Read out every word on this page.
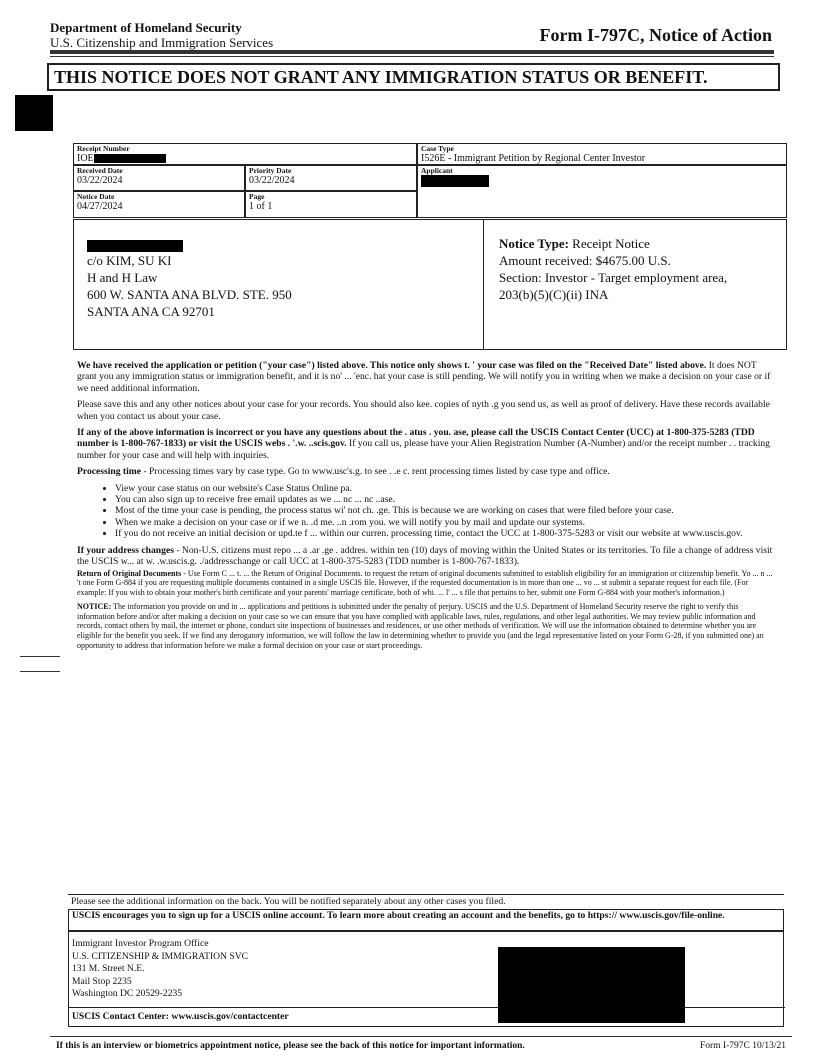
Department of Homeland Security
U.S. Citizenship and Immigration Services	Form I-797C, Notice of Action
THIS NOTICE DOES NOT GRANT ANY IMMIGRATION STATUS OR BENEFIT.
Receipt Number
IOE
Case Type
I526E - Immigrant Petition by Regional Center Investor
Received Date
03/22/2024
Priority Date
03/22/2024
Applicant
Notice Date
04/27/2024
Page
1 of 1
c/o KIM, SU KI
H and H Law
600 W. SANTA ANA BLVD. STE. 950
SANTA ANA CA 92701
Notice Type: Receipt Notice
Amount received: $4675.00 U.S.
Section: Investor - Target employment area,
203(b)(5)(C)(ii) INA

We have received the application or petition ("your case") listed above. This notice only shows t. ' your case was filed on the "Received Date" listed above. It does NOT grant you any immigration status or immigration benefit, and it is no' ... 'enc. hat your case is still pending. We will notify you in writing when we make a decision on your case or if we need additional information.

Please save this and any other notices about your case for your records. You should also kee. copies of nyth .g you send us, as well as proof of delivery. Have these records available when you contact us about your case.

If any of the above information is incorrect or you have any questions about the . atus . you. ase, please call the USCIS Contact Center (UCC) at 1-800-375-5283 (TDD number is 1-800-767-1833) or visit the USCIS webs . '.w. ..scis.gov. If you call us, please have your Alien Registration Number (A-Number) and/or the receipt number . . tracking number for your case and will help with inquiries.

Processing time - Processing times vary by case type. Go to www.usc's.g. to see . .e c. rent processing times listed by case type and office.

• View your case status on our website's Case Status Online pa.
• You can also sign up to receive free email updates as we ... nc ... nc ..ase.
• Most of the time your case is pending, the process status wi' not ch. .ge. This is because we are working on cases that were filed before your case.
• When we make a decision on your case or if we n. .d me. ..n .rom you. we will notify you by mail and update our systems.
• If you do not receive an initial decision or upd.te f ... within our curren. processing time, contact the UCC at 1-800-375-5283 or visit our website at www.uscis.gov.

If your address changes - Non-U.S. citizens must repo ... a .ar .ge . addres. within ten (10) days of moving within the United States or its territories. To file a change of address visit the USCIS w... at w. .w.uscis.g. ./addresschange or call UCC at 1-800-375-5283 (TDD number is 1-800-767-1833).

Return of Original Documents - Use Form C ... t. ... the Return of Original Documents. to request the return of original documents submitted to establish eligibility for an immigration or citizenship benefit. Yo ... n ... 't one Form G-884 if you are requesting multiple documents contained in a single USCIS file. However, if the requested documentation is in more than one ... vo ... st submit a separate request for each file. (For example: If you wish to obtain your mother's birth certificate and your parents' marriage certificate, both of whi. ... l' ... s file that pertains to her, submit one Form G-884 with your mother's information.)

NOTICE: The information you provide on and in ... applications and petitions is submitted under the penalty of perjury. USCIS and the U.S. Department of Homeland Security reserve the right to verify this information before and/or after making a decision on your case so we can ensure that you have complied with applicable laws, rules, regulations, and other legal authorities. We may review public information and records, contact others by mail, the internet or phone, conduct site inspections of businesses and residences, or use other methods of verification. We will use the information obtained to determine whether you are eligible for the benefit you seek. If we find any derogatory information, we will follow the law in determining whether to provide you (and the legal representative listed on your Form G-28, if you submitted one) an opportunity to address that information before we make a formal decision on your case or start proceedings.

Please see the additional information on the back. You will be notified separately about any other cases you filed.
USCIS encourages you to sign up for a USCIS online account. To learn more about creating an account and the benefits, go to https:// www.uscis.gov/file-online.
Immigrant Investor Program Office
U.S. CITIZENSHIP & IMMIGRATION SVC
131 M. Street N.E.
Mail Stop 2235
Washington DC 20529-2235
USCIS Contact Center: www.uscis.gov/contactcenter
If this is an interview or biometrics appointment notice, please see the back of this notice for important information.	Form I-797C 10/13/21
